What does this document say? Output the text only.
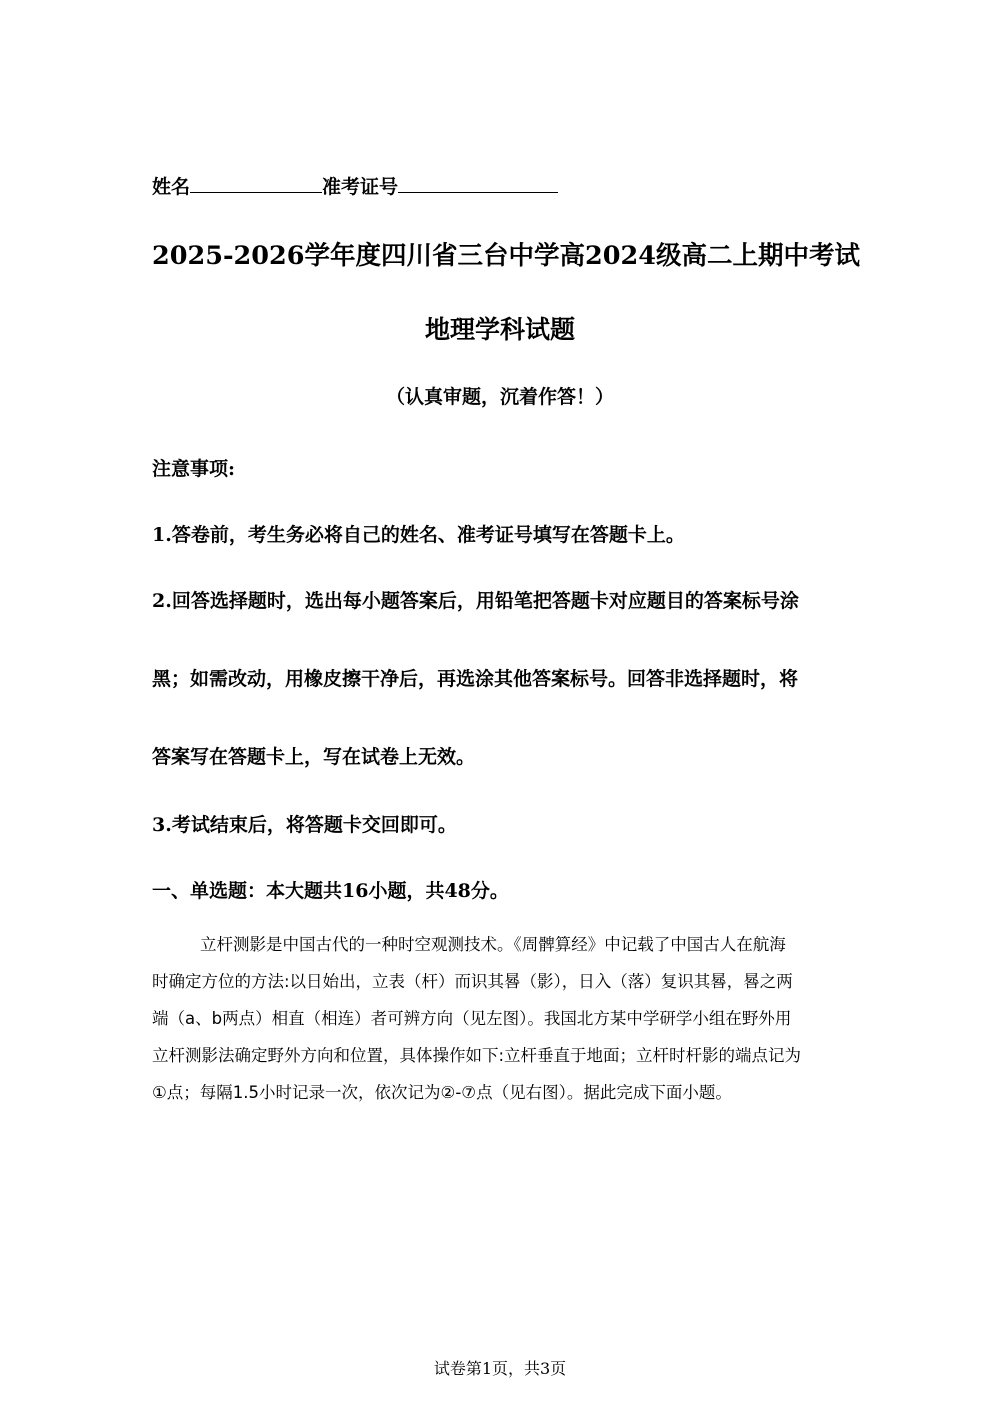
姓名	准考证号
2025-2026学年度四川省三台中学高2024级高二上期中考试
地理学科试题
（认真审题，沉着作答！）
注意事项:
1.答卷前，考生务必将自己的姓名、准考证号填写在答题卡上。
2.回答选择题时，选出每小题答案后，用铅笔把答题卡对应题目的答案标号涂
黑；如需改动，用橡皮擦干净后，再选涂其他答案标号。回答非选择题时，将
答案写在答题卡上，写在试卷上无效。
3.考试结束后，将答题卡交回即可。
一、单选题：本大题共16小题，共48分。
立杆测影是中国古代的一种时空观测技术。《周髀算经》中记载了中国古人在航海
时确定方位的方法:以日始出，立表（杆）而识其晷（影），日入（落）复识其晷，晷之两
端（a、b两点）相直（相连）者可辨方向（见左图）。我国北方某中学研学小组在野外用
立杆测影法确定野外方向和位置，具体操作如下:立杆垂直于地面；立杆时杆影的端点记为
①点；每隔1.5小时记录一次，依次记为②-⑦点（见右图）。据此完成下面小题。
试卷第1页，共3页
